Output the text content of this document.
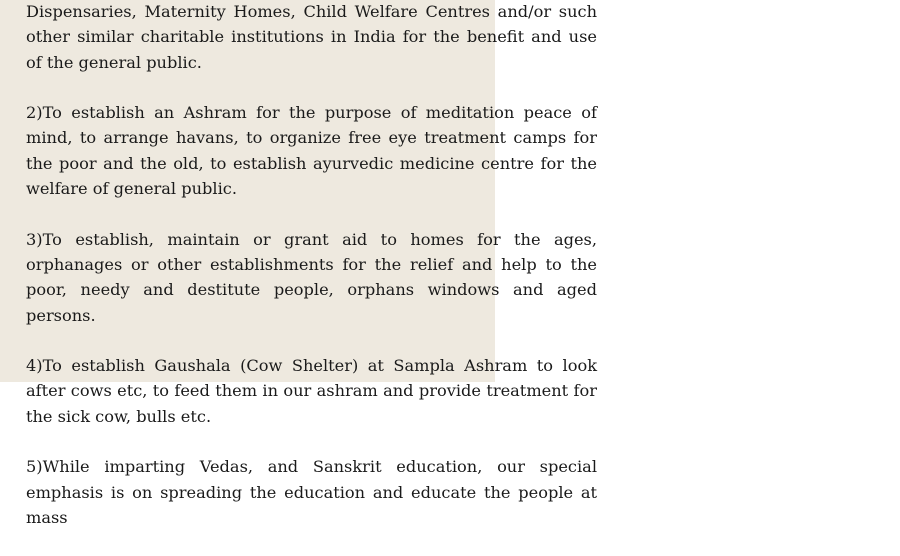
Dispensaries, Maternity Homes, Child Welfare Centres and/or such other similar charitable institutions in India for the benefit and use of the general public.

2)To establish an Ashram for the purpose of meditation peace of mind, to arrange havans, to organize free eye treatment camps for the poor and the old, to establish ayurvedic medicine centre for the welfare of general public.

3)To establish, maintain or grant aid to homes for the ages, orphanages or other establishments for the relief and help to the poor, needy and destitute people, orphans windows and aged persons.

4)To establish Gaushala (Cow Shelter) at Sampla Ashram to look after cows etc, to feed them in our ashram and provide treatment for the sick cow, bulls etc.

5)While imparting Vedas, and Sanskrit education, our special emphasis is on spreading the education and educate the people at mass
